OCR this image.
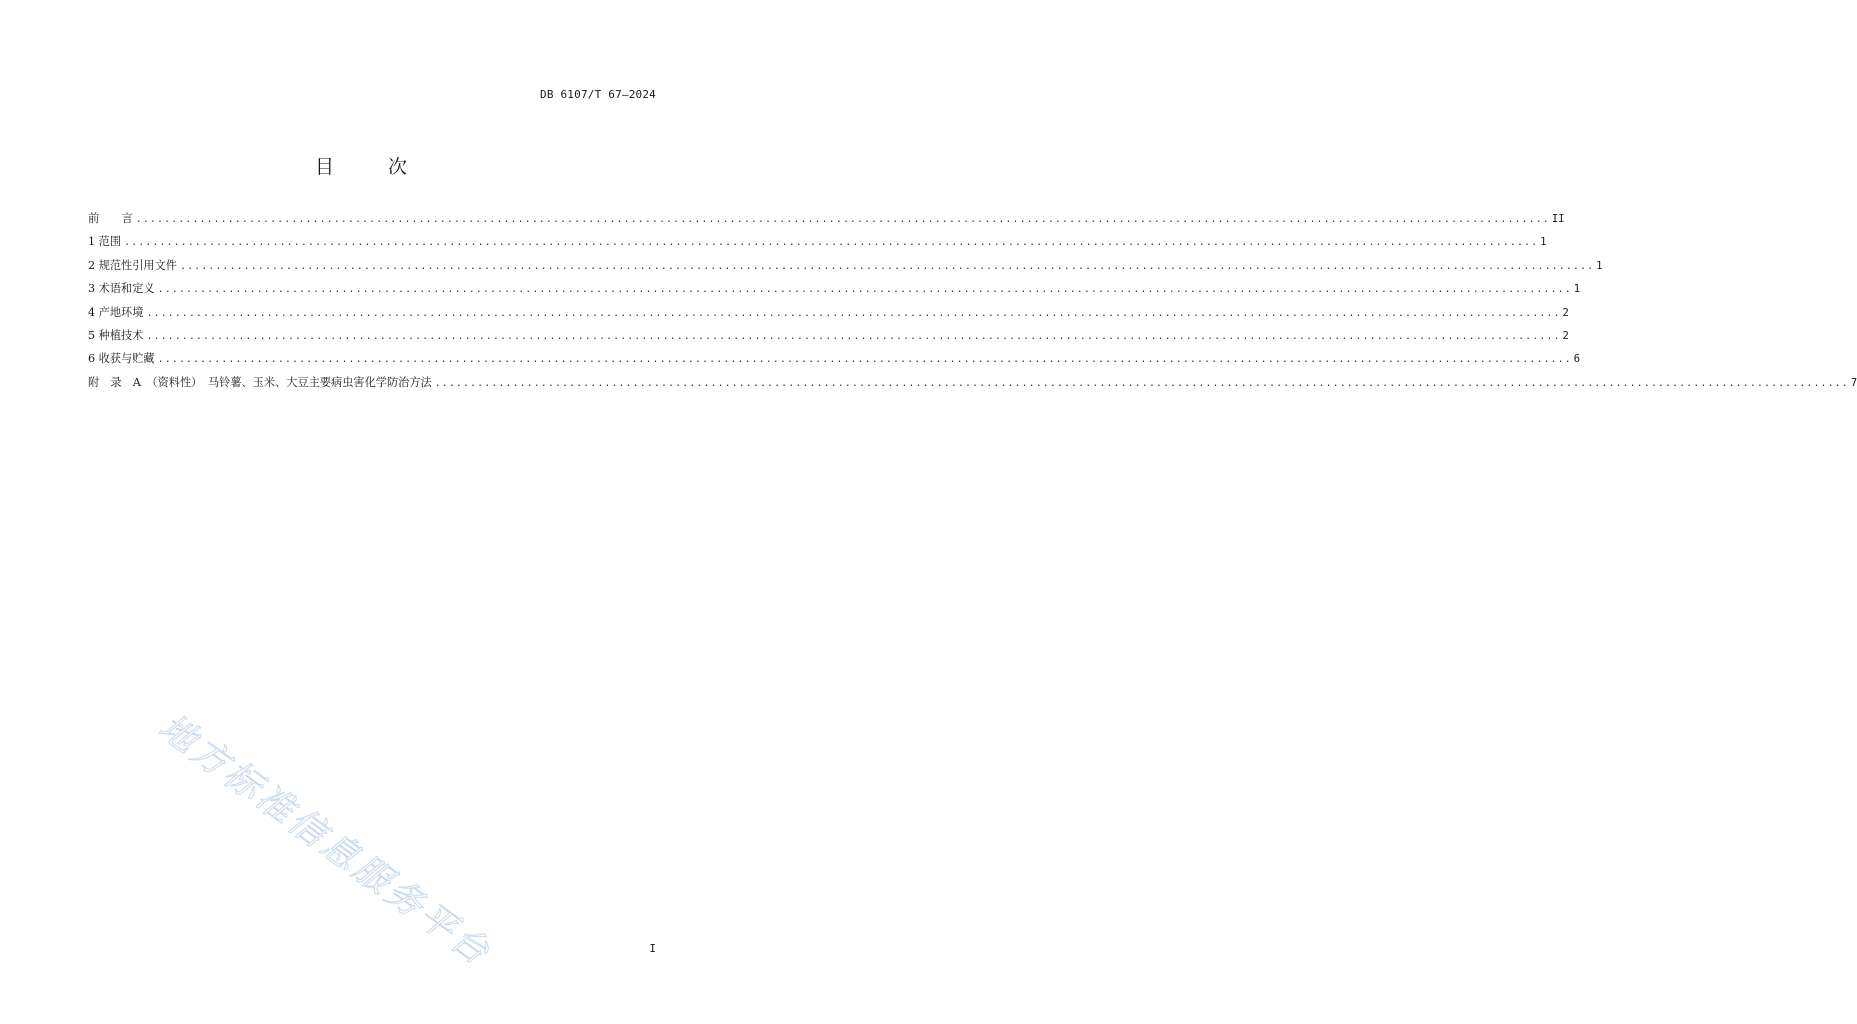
DB 6107/T 67—2024
目	次
前　　言 ........................................................................................................................................................................................................ II
1 范围 ........................................................................................................................................................................................................ 1
2 规范性引用文件 ........................................................................................................................................................................................................ 1
3 术语和定义 ........................................................................................................................................................................................................ 1
4 产地环境 ........................................................................................................................................................................................................ 2
5 种植技术 ........................................................................................................................................................................................................ 2
6 收获与贮藏 ........................................................................................................................................................................................................ 6
附　录　A　（资料性）　马铃薯、玉米、大豆主要病虫害化学防治方法 ........................................................................................................................................................................................................ 7
地方标准信息服务平台	I
